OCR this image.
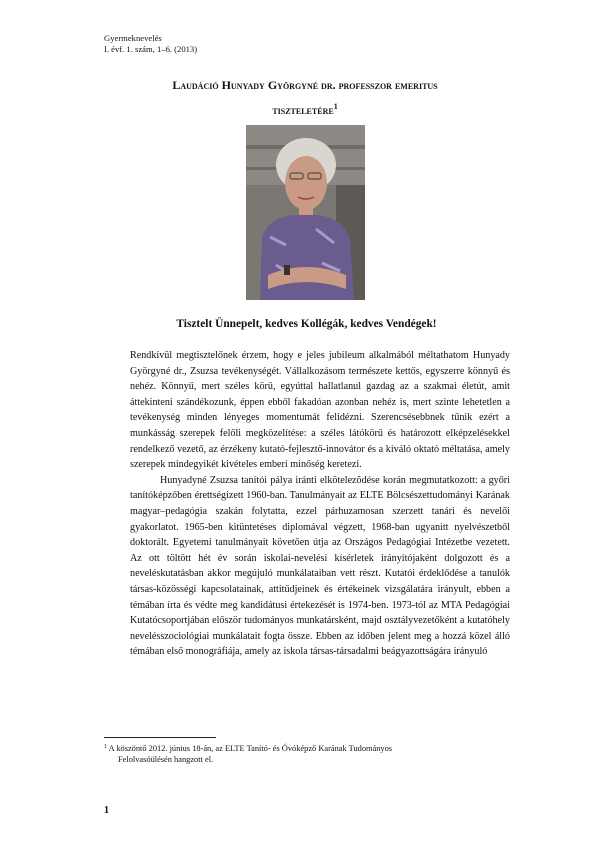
Gyermeknevelés
I. évf. 1. szám, 1–6. (2013)
Laudáció Hunyady Györgyné dr. professzor emeritus
tiszteletére$^1$
Tisztelt Ünnepelt, kedves Kollégák, kedves Vendégek!

Rendkívül megtisztelőnek érzem, hogy e jeles jubileum alkalmából méltathatom Hunyady Györgyné dr., Zsuzsa tevékenységét. Vállalkozásom természete kettős, egyszerre könnyű és nehéz. Könnyű, mert széles körű, egyúttal hallatlanul gazdag az a szakmai életút, amit áttekinteni szándékozunk, éppen ebből fakadóan azonban nehéz is, mert szinte lehetetlen a tevékenység minden lényeges momentumát felidézni. Szerencsésebbnek tűnik ezért a munkásság szerepek felőli megközelítése: a széles látókörű és határozott elképzelésekkel rendelkező vezető, az érzékeny kutató-fejlesztő-innovátor és a kiváló oktató méltatása, amely szerepek mindegyikét kivételes emberi minőség keretezi.

Hunyadyné Zsuzsa tanítói pálya iránti elkötelezõdése korán megmutatkozott: a győri tanítóképzőben érettségizett 1960-ban. Tanulmányait az ELTE Bölcsészettudományi Karának magyar–pedagógia szakán folytatta, ezzel párhuzamosan szerzett tanári és nevelői gyakorlatot. 1965-ben kitüntetéses diplomával végzett, 1968-ban ugyanitt nyelvészetből doktorált. Egyetemi tanulmányait követően útja az Országos Pedagógiai Intézetbe vezetett. Az ott töltött hét év során iskolai-nevelési kísérletek irányítójaként dolgozott és a neveléskutatásban akkor megújuló munkálataiban vett részt. Kutatói érdeklődése a tanulók társas-közösségi kapcsolatainak, attitűdjeinek és értékeinek vizsgálatára irányult, ebben a témában írta és védte meg kandidátusi értekezését is 1974-ben. 1973-tól az MTA Pedagógiai Kutatócsoportjában először tudományos munkatársként, majd osztályvezetőként a kutatóhely nevelésszociológiai munkálatait fogta össze. Ebben az időben jelent meg a hozzá közel álló témában első monográfiája, amely az iskola társas-társadalmi beágyazottságára irányuló

$^1$ A köszöntő 2012. június 18-án, az ELTE Tanító- és Óvóképző Karának Tudományos
Felolvasóülésén hangzott el.
1
